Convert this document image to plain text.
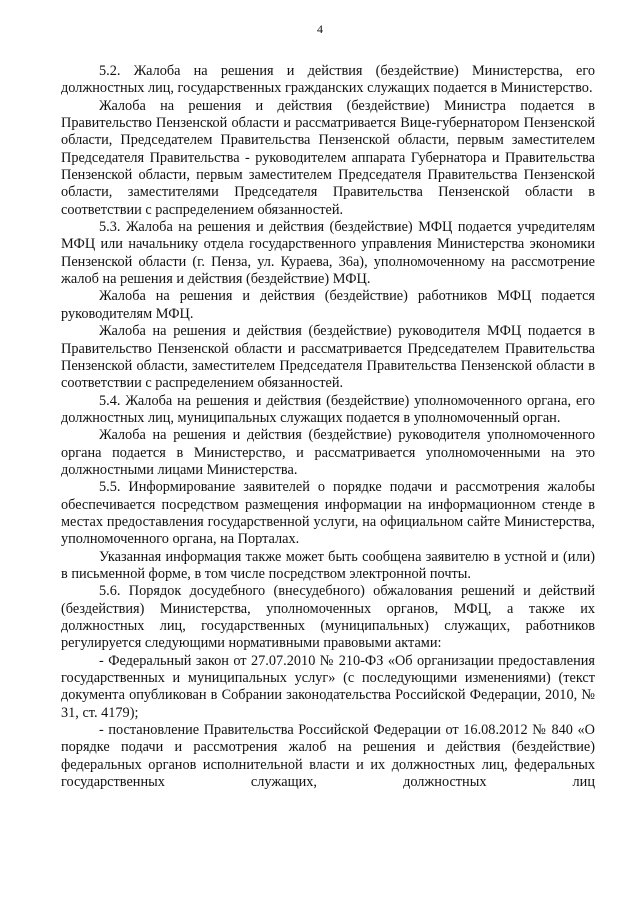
4

5.2. Жалоба на решения и действия (бездействие) Министерства, его должностных лиц, государственных гражданских служащих подается в Министерство.

Жалоба на решения и действия (бездействие) Министра подается в Правительство Пензенской области и рассматривается Вице-губернатором Пензенской области, Председателем Правительства Пензенской области, первым заместителем Председателя Правительства - руководителем аппарата Губернатора и Правительства Пензенской области, первым заместителем Председателя Правительства Пензенской области, заместителями Председателя Правительства Пензенской области в соответствии с распределением обязанностей.

5.3. Жалоба на решения и действия (бездействие) МФЦ подается учредителям МФЦ или начальнику отдела государственного управления Министерства экономики Пензенской области (г. Пенза, ул. Кураева, 36а), уполномоченному на рассмотрение жалоб на решения и действия (бездействие) МФЦ.

Жалоба на решения и действия (бездействие) работников МФЦ подается руководителям МФЦ.

Жалоба на решения и действия (бездействие) руководителя МФЦ подается в Правительство Пензенской области и рассматривается Председателем Правительства Пензенской области, заместителем Председателя Правительства Пензенской области в соответствии с распределением обязанностей.

5.4. Жалоба на решения и действия (бездействие) уполномоченного органа, его должностных лиц, муниципальных служащих подается в уполномоченный орган.

Жалоба на решения и действия (бездействие) руководителя уполномоченного органа подается в Министерство, и рассматривается уполномоченными на это должностными лицами Министерства.

5.5. Информирование заявителей о порядке подачи и рассмотрения жалобы обеспечивается посредством размещения информации на информационном стенде в местах предоставления государственной услуги, на официальном сайте Министерства, уполномоченного органа, на Порталах.

Указанная информация также может быть сообщена заявителю в устной и (или) в письменной форме, в том числе посредством электронной почты.

5.6. Порядок досудебного (внесудебного) обжалования решений и действий (бездействия) Министерства, уполномоченных органов, МФЦ, а также их должностных лиц, государственных (муниципальных) служащих, работников регулируется следующими нормативными правовыми актами:

- Федеральный закон от 27.07.2010 № 210-ФЗ «Об организации предоставления государственных и муниципальных услуг» (с последующими изменениями) (текст документа опубликован в Собрании законодательства Российской Федерации, 2010, № 31, ст. 4179);

- постановление Правительства Российской Федерации от 16.08.2012 № 840 «О порядке подачи и рассмотрения жалоб на решения и действия (бездействие) федеральных органов исполнительной власти и их должностных лиц, федеральных государственных служащих, должностных лиц
